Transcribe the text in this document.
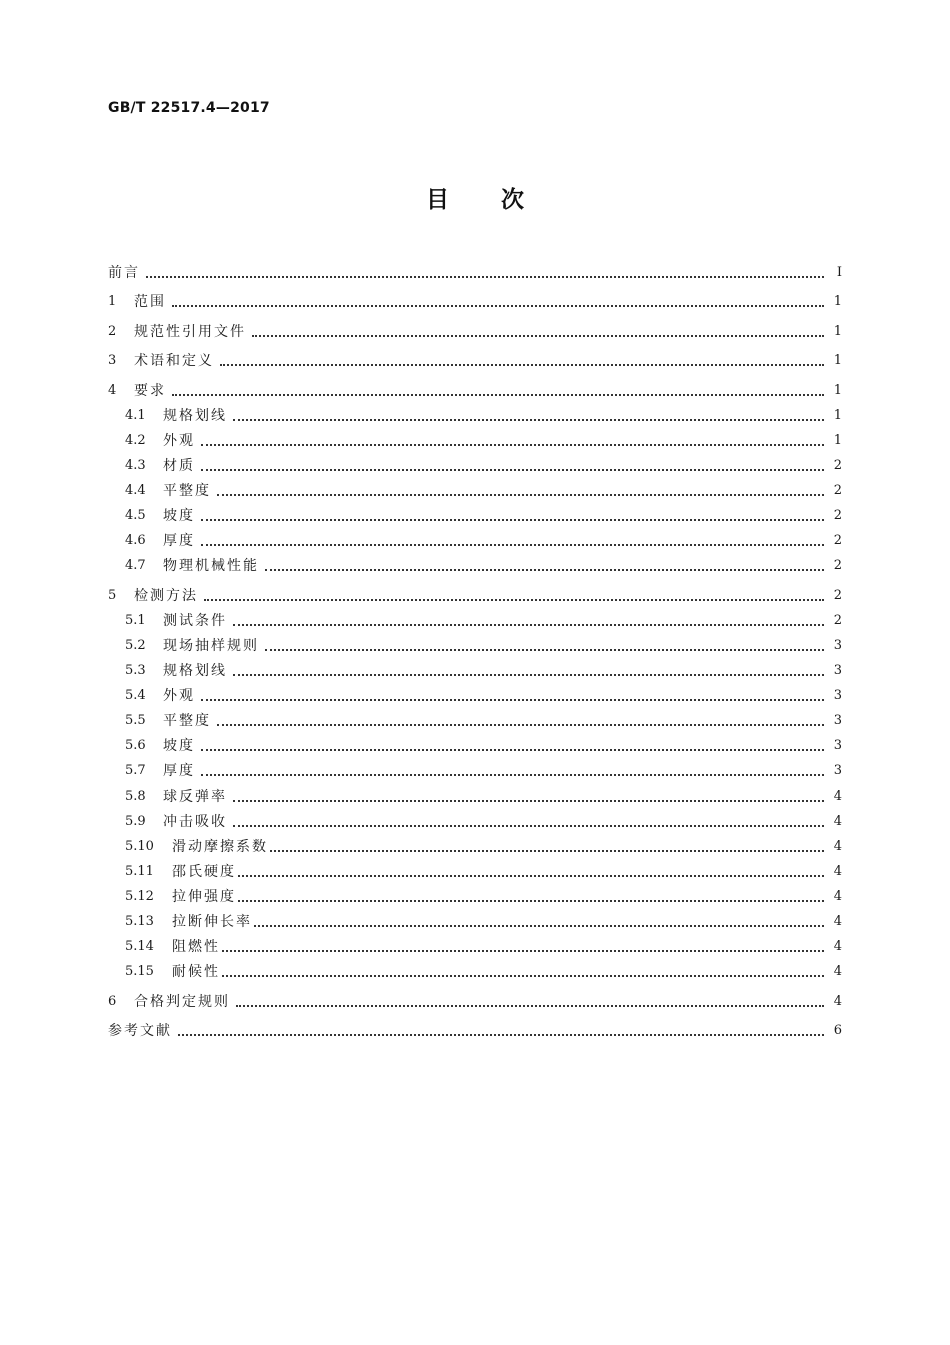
GB/T 22517.4—2017
目 次
前言	Ⅰ
1	范围	1
2	规范性引用文件	1
3	术语和定义	1
4	要求	1
4.1	规格划线	1
4.2	外观	1
4.3	材质	2
4.4	平整度	2
4.5	坡度	2
4.6	厚度	2
4.7	物理机械性能	2
5	检测方法	2
5.1	测试条件	2
5.2	现场抽样规则	3
5.3	规格划线	3
5.4	外观	3
5.5	平整度	3
5.6	坡度	3
5.7	厚度	3
5.8	球反弹率	4
5.9	冲击吸收	4
5.10	滑动摩擦系数	4
5.11	邵氏硬度	4
5.12	拉伸强度	4
5.13	拉断伸长率	4
5.14	阻燃性	4
5.15	耐候性	4
6	合格判定规则	4
参考文献	6
